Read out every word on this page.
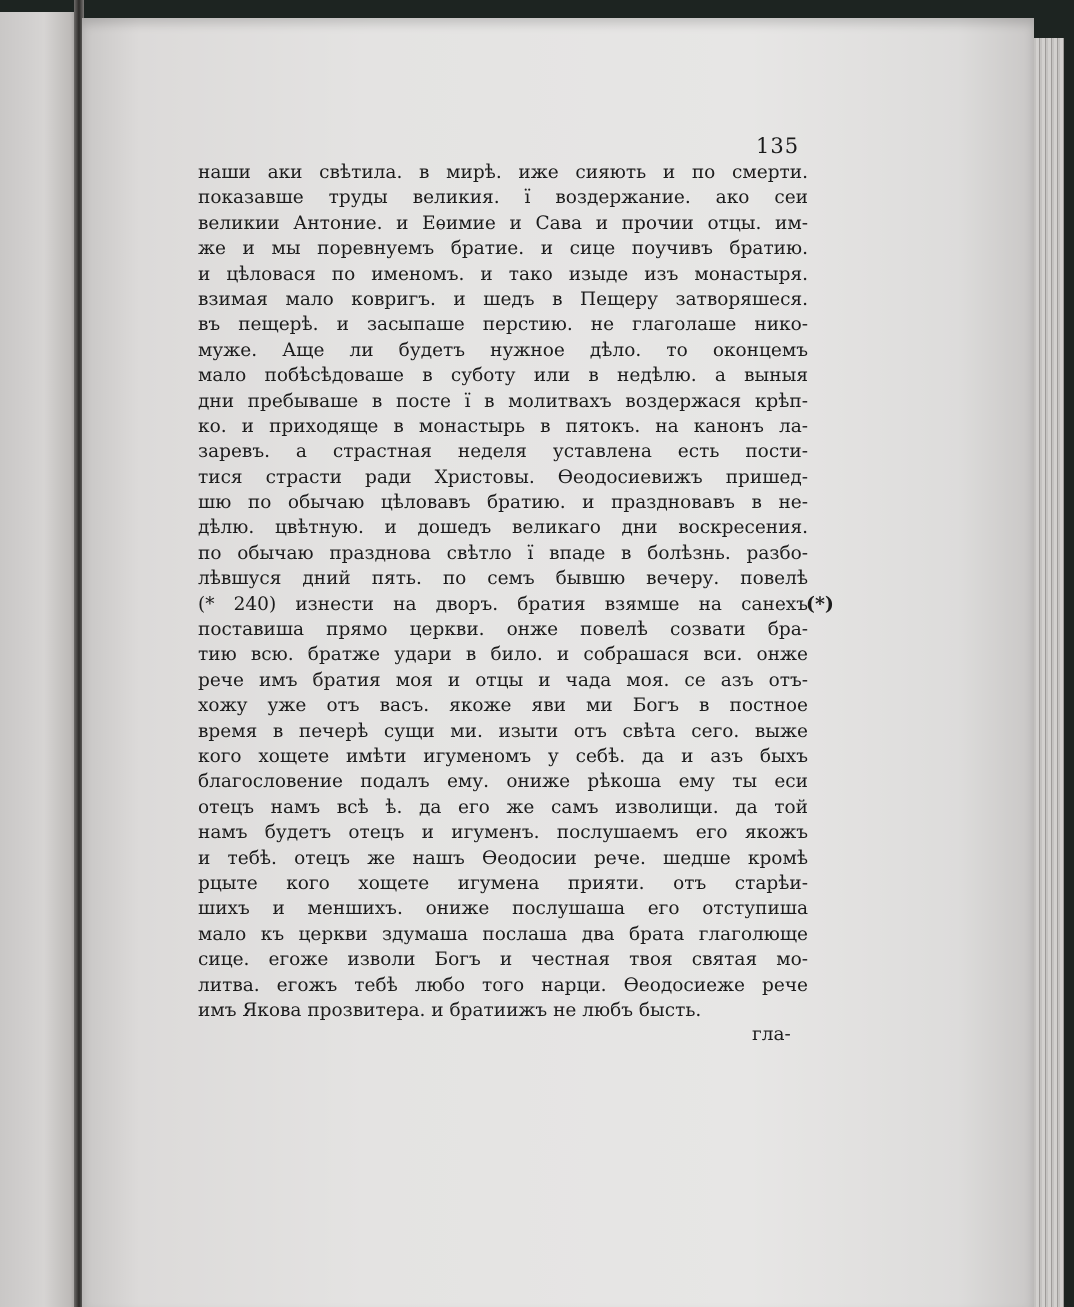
135
наши аки свѣтила. в мирѣ. иже сияють и по смерти.
показавше труды великия. ї воздержание. ако сеи
великии Антоние. и Еѳимие и Сава и прочии отцы. им-
же и мы поревнуемъ братие. и сице поучивъ братию.
и цѣловася по именомъ. и тако изыде изъ монастыря.
взимая мало ковригъ. и шедъ в Пещеру затворяшеся.
въ пещерѣ. и засыпаше перстию. не глаголаше нико-
муже. Аще ли будетъ нужное дѣло. то оконцемъ
мало побѣсѣдоваше в суботу или в недѣлю. а выныя
дни пребываше в посте ї в молитвахъ воздержася крѣп-
ко. и приходяще в монастырь в пятокъ. на канонъ ла-
заревъ. а страстная неделя уставлена есть пости-
тися страсти ради Христовы. Ѳеодосиевижъ пришед-
шю по обычаю цѣловавъ братию. и праздновавъ в не-
дѣлю. цвѣтную. и дошедъ великаго дни воскресения.
по обычаю празднова свѣтло ї впаде в болѣзнь. разбо-
лѣвшуся дний пять. по семъ бывшю вечеру. повелѣ
(* 240) изнести на дворъ. братия взямше на санехъ
поставиша прямо церкви. онже повелѣ созвати бра-
тию всю. братже удари в било. и собрашася вси. онже
рече имъ братия моя и отцы и чада моя. се азъ отъ-
хожу уже отъ васъ. якоже яви ми Богъ в постное
время в печерѣ сущи ми. изыти отъ свѣта сего. выже
кого хощете имѣти игуменомъ у себѣ. да и азъ быхъ
благословение подалъ ему. ониже рѣкоша ему ты еси
отецъ намъ всѣ ѣ. да его же самъ изволищи. да той
намъ будетъ отецъ и игуменъ. послушаемъ его якожъ
и тебѣ. отецъ же нашъ Ѳеодосии рече. шедше кромѣ
рцыте кого хощете игумена прияти. отъ старѣи-
шихъ и меншихъ. ониже послушаша его отступиша
мало къ церкви здумаша послаша два брата глаголюще
сице. егоже изволи Богъ и честная твоя святая мо-
литва. егожъ тебѣ любо того нарци. Ѳеодосиеже рече
имъ Якова прозвитера. и братиижъ не любъ бысть.
(*)
гла-
